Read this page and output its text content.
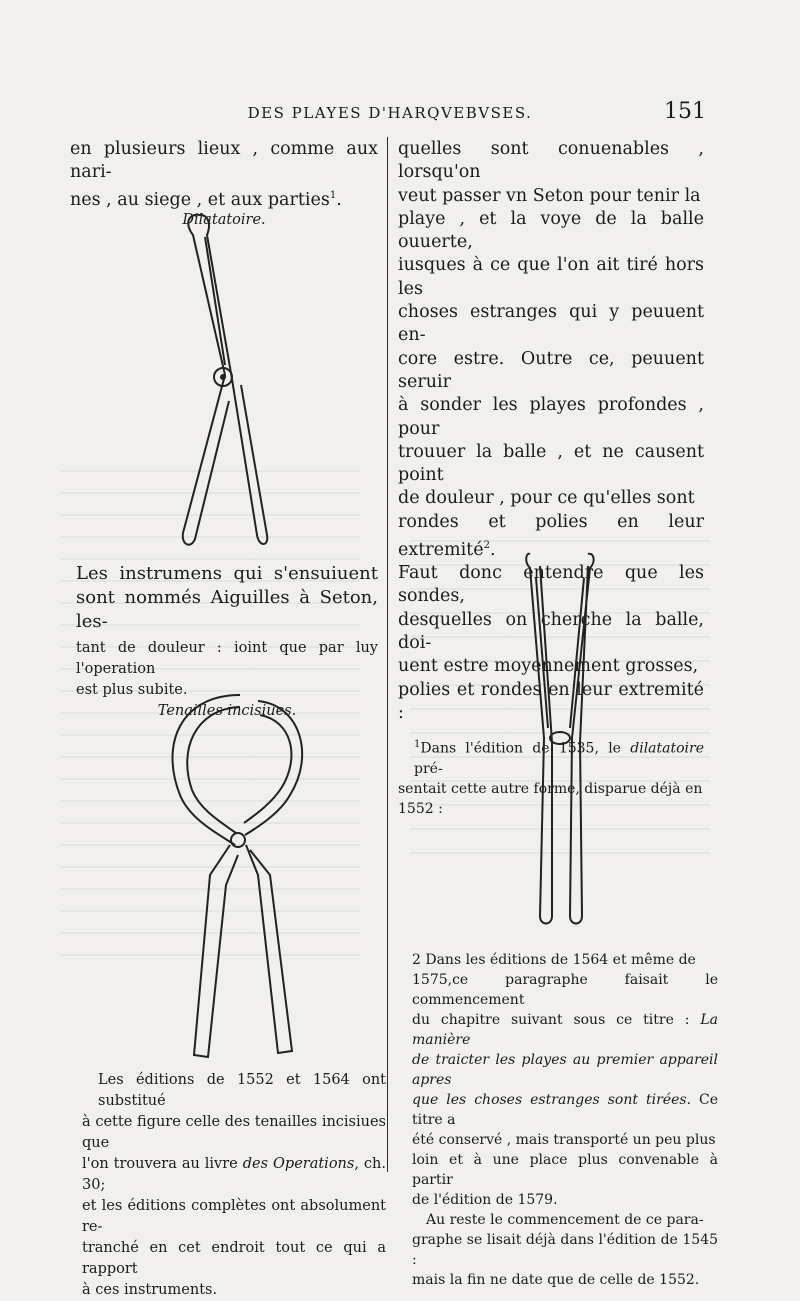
DES PLAYES D'HARQVEBVSES.	151

en plusieurs lieux , comme aux nari-
nes , au siege , et aux parties$^1$.

Dilatatoire.

Les instrumens qui s'ensuiuent
sont nommés Aiguilles à Seton, les-

tant de douleur : ioint que par luy l'operation
est plus subite.

Tenailles incisiues.

Les éditions de 1552 et 1564 ont substitué
à cette figure celle des tenailles incisiues que
l'on trouvera au livre des Operations, ch. 30;
et les éditions complètes ont absolument re-
tranché en cet endroit tout ce qui a rapport
à ces instruments.

quelles sont conuenables , lorsqu'on
veut passer vn Seton pour tenir la
playe , et la voye de la balle ouuerte,
iusques à ce que l'on ait tiré hors les
choses estranges qui y peuuent en-
core estre. Outre ce, peuuent seruir
à sonder les playes profondes , pour
trouuer la balle , et ne causent point
de douleur , pour ce qu'elles sont
rondes et polies en leur extremité$^2$.
Faut donc entendre que les sondes,
desquelles on cherche la balle, doi-
uent estre moyennement grosses,
polies et rondes en leur extremité :

$^1$Dans l'édition de 1535, le dilatatoire pré-
sentait cette autre forme, disparue déjà en
1552 :

2 Dans les éditions de 1564 et même de
1575,ce paragraphe faisait le commencement
du chapitre suivant sous ce titre : La manière
de traicter les playes au premier appareil apres
que les choses estranges sont tirées. Ce titre a
été conservé , mais transporté un peu plus
loin et à une place plus convenable à partir
de l'édition de 1579.

Au reste le commencement de ce para-
graphe se lisait déjà dans l'édition de 1545 :
mais la fin ne date que de celle de 1552.
